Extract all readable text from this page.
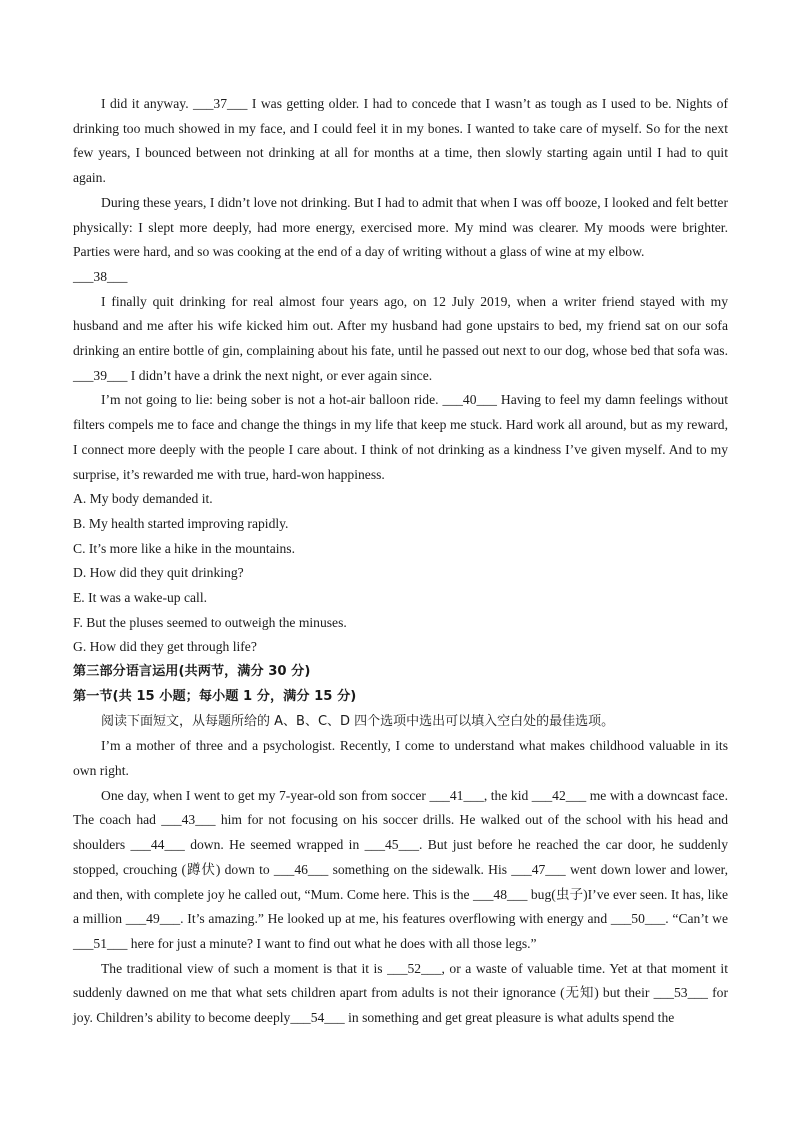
I did it anyway. ___37___ I was getting older. I had to concede that I wasn’t as tough as I used to be. Nights of drinking too much showed in my face, and I could feel it in my bones. I wanted to take care of myself. So for the next few years, I bounced between not drinking at all for months at a time, then slowly starting again until I had to quit again.

During these years, I didn’t love not drinking. But I had to admit that when I was off booze, I looked and felt better physically: I slept more deeply, had more energy, exercised more. My mind was clearer. My moods were brighter. Parties were hard, and so was cooking at the end of a day of writing without a glass of wine at my elbow.

___38___

I finally quit drinking for real almost four years ago, on 12 July 2019, when a writer friend stayed with my husband and me after his wife kicked him out. After my husband had gone upstairs to bed, my friend sat on our sofa drinking an entire bottle of gin, complaining about his fate, until he passed out next to our dog, whose bed that sofa was. ___39___ I didn’t have a drink the next night, or ever again since.

I’m not going to lie: being sober is not a hot-air balloon ride. ___40___ Having to feel my damn feelings without filters compels me to face and change the things in my life that keep me stuck. Hard work all around, but as my reward, I connect more deeply with the people I care about. I think of not drinking as a kindness I’ve given myself. And to my surprise, it’s rewarded me with true, hard-won happiness.

A. My body demanded it.

B. My health started improving rapidly.

C. It’s more like a hike in the mountains.

D. How did they quit drinking?

E. It was a wake-up call.

F. But the pluses seemed to outweigh the minuses.

G. How did they get through life?

第三部分语言运用(共两节，满分 30 分)

第一节(共 15 小题；每小题 1 分，满分 15 分)

阅读下面短文，从每题所给的 A、B、C、D 四个选项中选出可以填入空白处的最佳选项。

I’m a mother of three and a psychologist. Recently, I come to understand what makes childhood valuable in its own right.

One day, when I went to get my 7-year-old son from soccer ___41___, the kid ___42___ me with a downcast face. The coach had ___43___ him for not focusing on his soccer drills. He walked out of the school with his head and shoulders ___44___ down. He seemed wrapped in ___45___. But just before he reached the car door, he suddenly stopped, crouching (蹲伏) down to ___46___ something on the sidewalk. His ___47___ went down lower and lower, and then, with complete joy he called out, “Mum. Come here. This is the ___48___ bug(虫子)I’ve ever seen. It has, like a million ___49___. It’s amazing.” He looked up at me, his features overflowing with energy and ___50___. “Can’t we ___51___ here for just a minute? I want to find out what he does with all those legs.”

The traditional view of such a moment is that it is ___52___, or a waste of valuable time. Yet at that moment it suddenly dawned on me that what sets children apart from adults is not their ignorance (无知) but their ___53___ for joy. Children’s ability to become deeply___54___ in something and get great pleasure is what adults spend the
